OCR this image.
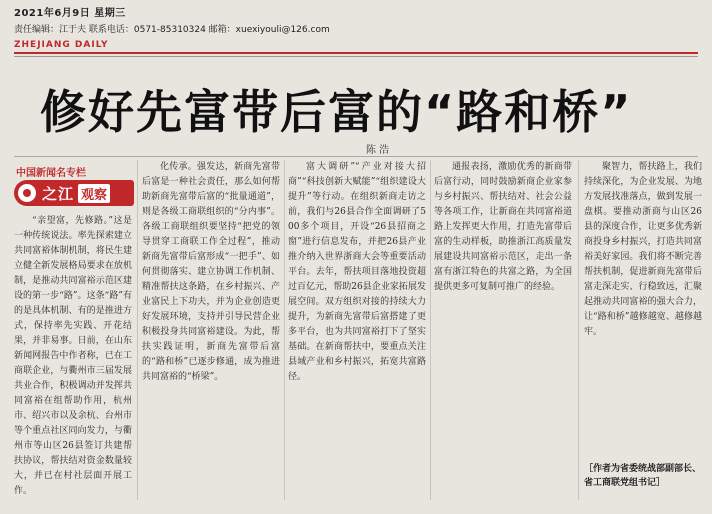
2021年6月9日 星期三
责任编辑：江于夫 联系电话：0571-85310324 邮箱：xuexiyouli@126.com
ZHEJIANG DAILY
修好先富带后富的“路和桥”
陈 浩
中国新闻名专栏
之江 观察

“亲望富，先修路。”这是一种传统说法。率先探索建立共同富裕体制机制，将民生建立健全新发展格局要求在放机制，是推动共同富裕示范区建设的第一步“路”。这条“路”有的是具体机制、有的是推进方式，保持率先实践、开花结果，并非易事。日前，在山东新闻网报告中作者称，已在工商联企业，与衢州市三届发展共业合作，积极调动并发挥共同富裕在组帮助作用，杭州市、绍兴市以及余杭、台州市等个重点社区同向发力，与衢州市等山区26县签订共建帮扶协议，帮扶结对资金数量较大，并已在村社层面开展工作。

化传承。强发达，新商先富带后富是一种社会责任，那么如何帮助新商先富带后富的“批量通道”，则是各级工商联组织的“分内事”。各级工商联组织要坚持“把党的领导贯穿工商联工作全过程”，推动新商先富带后富形成“一把手”、如何贯彻落实、建立协调工作机制、精准帮扶这条路，在乡村振兴、产业富民上下功夫，并为企业创造更好发展环境，支持并引导民营企业积极投身共同富裕建设。为此，帮扶实践证明，新商先富带后富的“路和桥”已逐步修通，成为推进共同富裕的“桥梁”。

富大调研”“产业对接大招商”“科技创新大赋能”“组织建设大提升”等行动。在组织新商走访之前，我们与26县合作全面调研了500多个项目，开设“26县招商之窗”进行信息发布，并把26县产业推介纳入世界浙商大会等重要活动平台。去年，帮扶项目落地投资超过百亿元，帮助26县企业家拓展发展空间。双方组织对接的持续大力提升，为新商先富带后富搭建了更多平台，也为共同富裕打下了坚实基础。在新商帮扶中，要重点关注县域产业和乡村振兴，拓宽共富路径。

通报表扬，激励优秀的新商带后富行动，同时鼓励新商企业家参与乡村振兴、帮扶结对、社会公益等各项工作，让新商在共同富裕道路上发挥更大作用，打造先富带后富的生动样板，助推浙江高质量发展建设共同富裕示范区，走出一条富有浙江特色的共富之路，为全国提供更多可复制可推广的经验。

聚智力，帮扶路上，我们持续深化，为企业发展、为地方发展找准落点，做到发展一盘棋。要推动浙商与山区26县的深度合作，让更多优秀新商投身乡村振兴，打造共同富裕美好家园。我们将不断完善帮扶机制，促进新商先富带后富走深走实、行稳致远，汇聚起推动共同富裕的强大合力，让“路和桥”越修越宽、越修越牢。

［作者为省委统战部副部长、省工商联党组书记］
